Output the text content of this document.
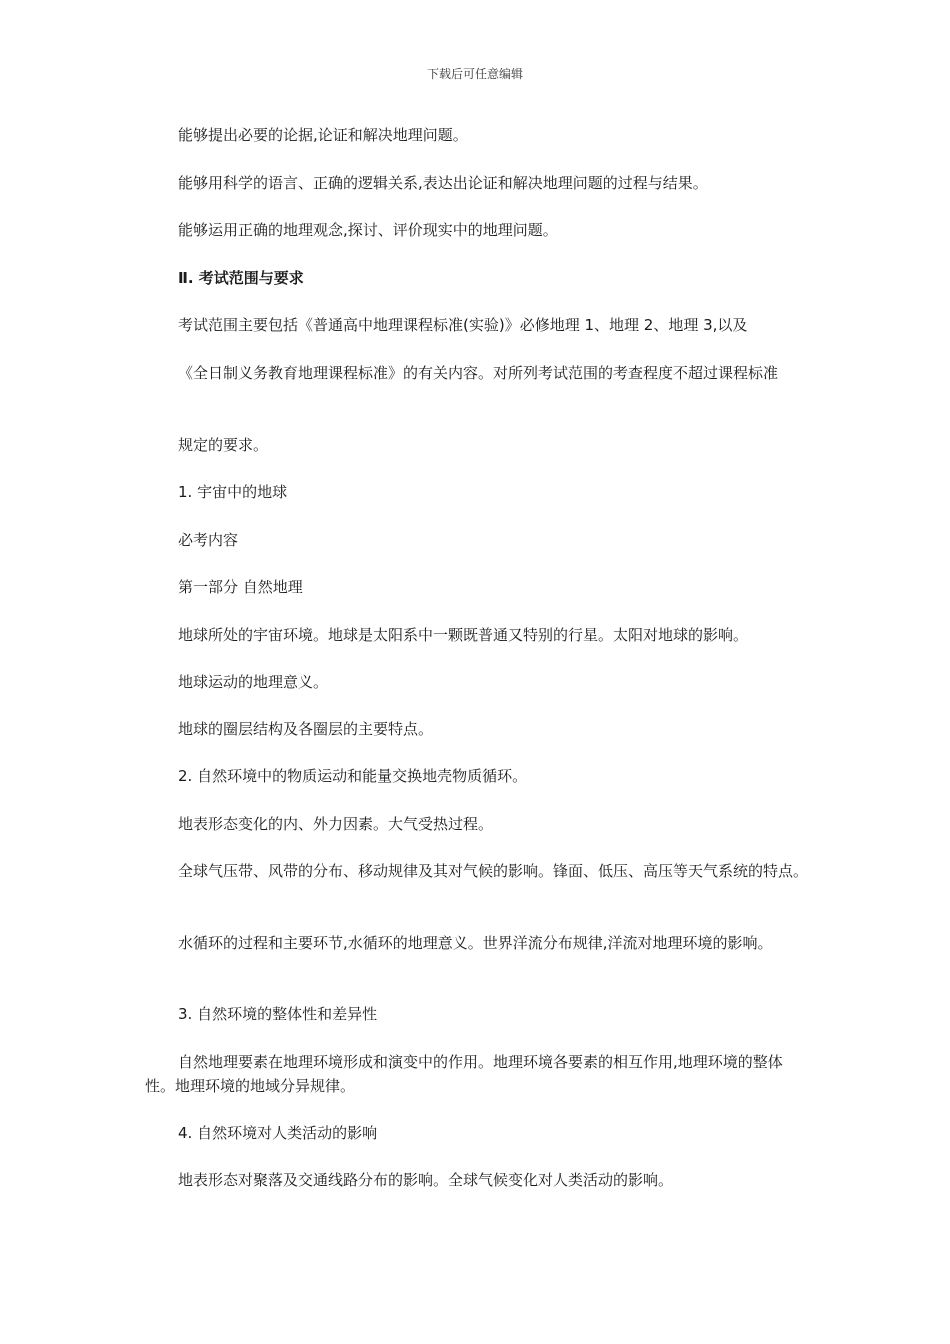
下载后可任意编辑

能够提出必要的论据,论证和解决地理问题。

能够用科学的语言、正确的逻辑关系,表达出论证和解决地理问题的过程与结果。

能够运用正确的地理观念,探讨、评价现实中的地理问题。

Ⅱ. 考试范围与要求

考试范围主要包括《普通高中地理课程标准(实验)》必修地理 1、地理 2、地理 3,以及

《全日制义务教育地理课程标准》的有关内容。对所列考试范围的考查程度不超过课程标准

规定的要求。

1. 宇宙中的地球

必考内容

第一部分 自然地理

地球所处的宇宙环境。地球是太阳系中一颗既普通又特别的行星。太阳对地球的影响。

地球运动的地理意义。

地球的圈层结构及各圈层的主要特点。

2. 自然环境中的物质运动和能量交换地壳物质循环。

地表形态变化的内、外力因素。大气受热过程。

全球气压带、风带的分布、移动规律及其对气候的影响。锋面、低压、高压等天气系统的特点。

水循环的过程和主要环节,水循环的地理意义。世界洋流分布规律,洋流对地理环境的影响。

3. 自然环境的整体性和差异性

自然地理要素在地理环境形成和演变中的作用。地理环境各要素的相互作用,地理环境的整体性。地理环境的地域分异规律。

4. 自然环境对人类活动的影响

地表形态对聚落及交通线路分布的影响。全球气候变化对人类活动的影响。
